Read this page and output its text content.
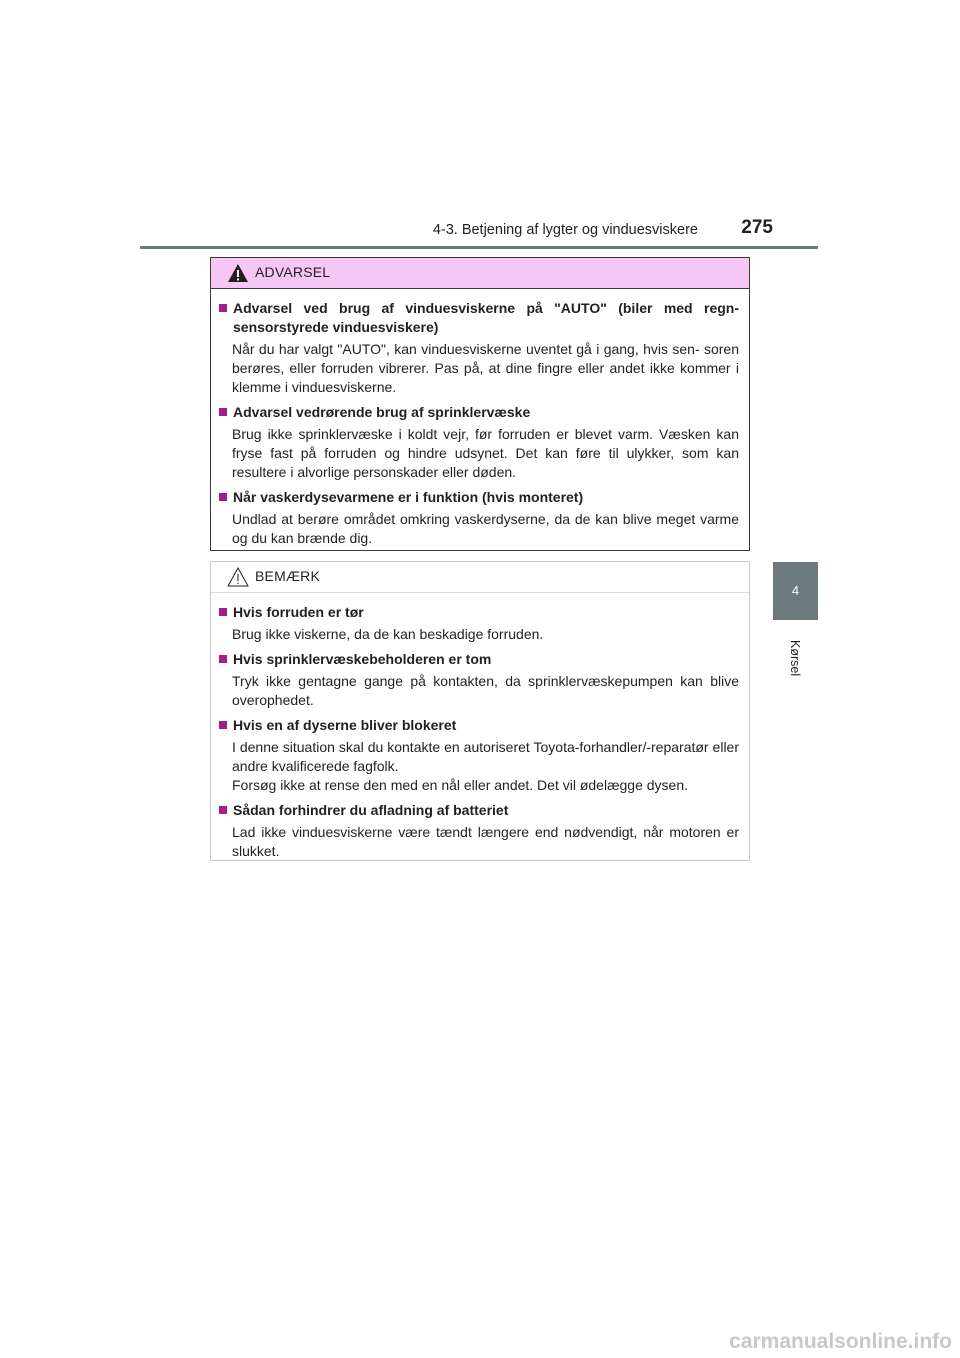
4-3. Betjening af lygter og vinduesviskere 275
4
Kørsel
ADVARSEL
Advarsel ved brug af vinduesviskerne på "AUTO" (biler med regn- sensorstyrede vinduesviskere)
Når du har valgt "AUTO", kan vinduesviskerne uventet gå i gang, hvis sen- soren berøres, eller forruden vibrerer. Pas på, at dine fingre eller andet ikke kommer i klemme i vinduesviskerne.
Advarsel vedrørende brug af sprinklervæske
Brug ikke sprinklervæske i koldt vejr, før forruden er blevet varm. Væsken kan fryse fast på forruden og hindre udsynet. Det kan føre til ulykker, som kan resultere i alvorlige personskader eller døden.
Når vaskerdysevarmene er i funktion (hvis monteret)
Undlad at berøre området omkring vaskerdyserne, da de kan blive meget varme og du kan brænde dig.
BEMÆRK
Hvis forruden er tør
Brug ikke viskerne, da de kan beskadige forruden.
Hvis sprinklervæskebeholderen er tom
Tryk ikke gentagne gange på kontakten, da sprinklervæskepumpen kan blive overophedet.
Hvis en af dyserne bliver blokeret

I denne situation skal du kontakte en autoriseret Toyota-forhandler/-reparatør eller andre kvalificerede fagfolk.

Forsøg ikke at rense den med en nål eller andet. Det vil ødelægge dysen.

Sådan forhindrer du afladning af batteriet
Lad ikke vinduesviskerne være tændt længere end nødvendigt, når motoren er slukket.
carmanualsonline.info
